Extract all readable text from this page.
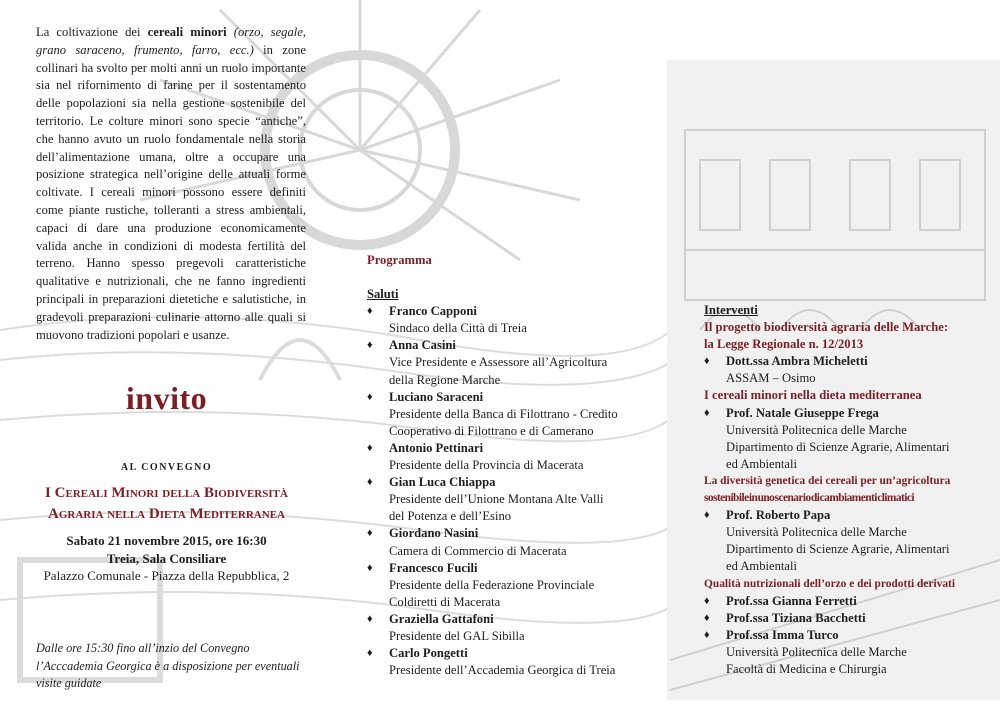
La coltivazione dei cereali minori (orzo, segale, grano saraceno, frumento, farro, ecc.) in zone collinari ha svolto per molti anni un ruolo importante sia nel rifornimento di farine per il sostentamento delle popolazioni sia nella gestione sostenibile del territorio. Le colture minori sono specie “antiche”, che hanno avuto un ruolo fondamentale nella storia dell’alimentazione umana, oltre a occupare una posizione strategica nell’origine delle attuali forme coltivate. I cereali minori possono essere definiti come piante rustiche, tolleranti a stress ambientali, capaci di dare una produzione economicamente valida anche in condizioni di modesta fertilità del terreno. Hanno spesso pregevoli caratteristiche qualitative e nutrizionali, che ne fanno ingredienti principali in preparazioni dietetiche e salutistiche, in gradevoli preparazioni culinarie attorno alle quali si muovono tradizioni popolari e usanze.

invito
AL CONVEGNO
I Cereali Minori della Biodiversità
Agraria nella Dieta Mediterranea
Sabato 21 novembre 2015, ore 16:30
Treia, Sala Consiliare
Palazzo Comunale - Piazza della Repubblica, 2

Dalle ore 15:30 fino all’inzio del Convegno l’Acccademia Georgica è a disposizione per eventuali visite guidate

Programma
Saluti
♦ Franco Capponi
Sindaco della Città di Treia
♦ Anna Casini
Vice Presidente e Assessore all’Agricoltura
della Regione Marche
♦ Luciano Saraceni
Presidente della Banca di Filottrano - Credito
Cooperativo di Filottrano e di Camerano
♦ Antonio Pettinari
Presidente della Provincia di Macerata
♦ Gian Luca Chiappa
Presidente dell’Unione Montana Alte Valli
del Potenza e dell’Esino
♦ Giordano Nasini
Camera di Commercio di Macerata
♦ Francesco Fucili
Presidente della Federazione Provinciale
Coldiretti di Macerata
♦ Graziella Gattafoni
Presidente del GAL Sibilla
♦ Carlo Pongetti
Presidente dell’Accademia Georgica di Treia
Interventi
Il progetto biodiversità agraria delle Marche:
la Legge Regionale n. 12/2013
♦ Dott.ssa Ambra Micheletti
ASSAM – Osimo
I cereali minori nella dieta mediterranea
♦ Prof. Natale Giuseppe Frega
Università Politecnica delle Marche
Dipartimento di Scienze Agrarie, Alimentari
ed Ambientali
La diversità genetica dei cereali per un’agricoltura
sostenibile in uno scenario di cambiamenti climatici
♦ Prof. Roberto Papa
Università Politecnica delle Marche
Dipartimento di Scienze Agrarie, Alimentari
ed Ambientali
Qualità nutrizionali dell’orzo e dei prodotti derivati
♦ Prof.ssa Gianna Ferretti
♦ Prof.ssa Tiziana Bacchetti
♦ Prof.ssa Imma Turco
Università Politecnica delle Marche
Facoltà di Medicina e Chirurgia
